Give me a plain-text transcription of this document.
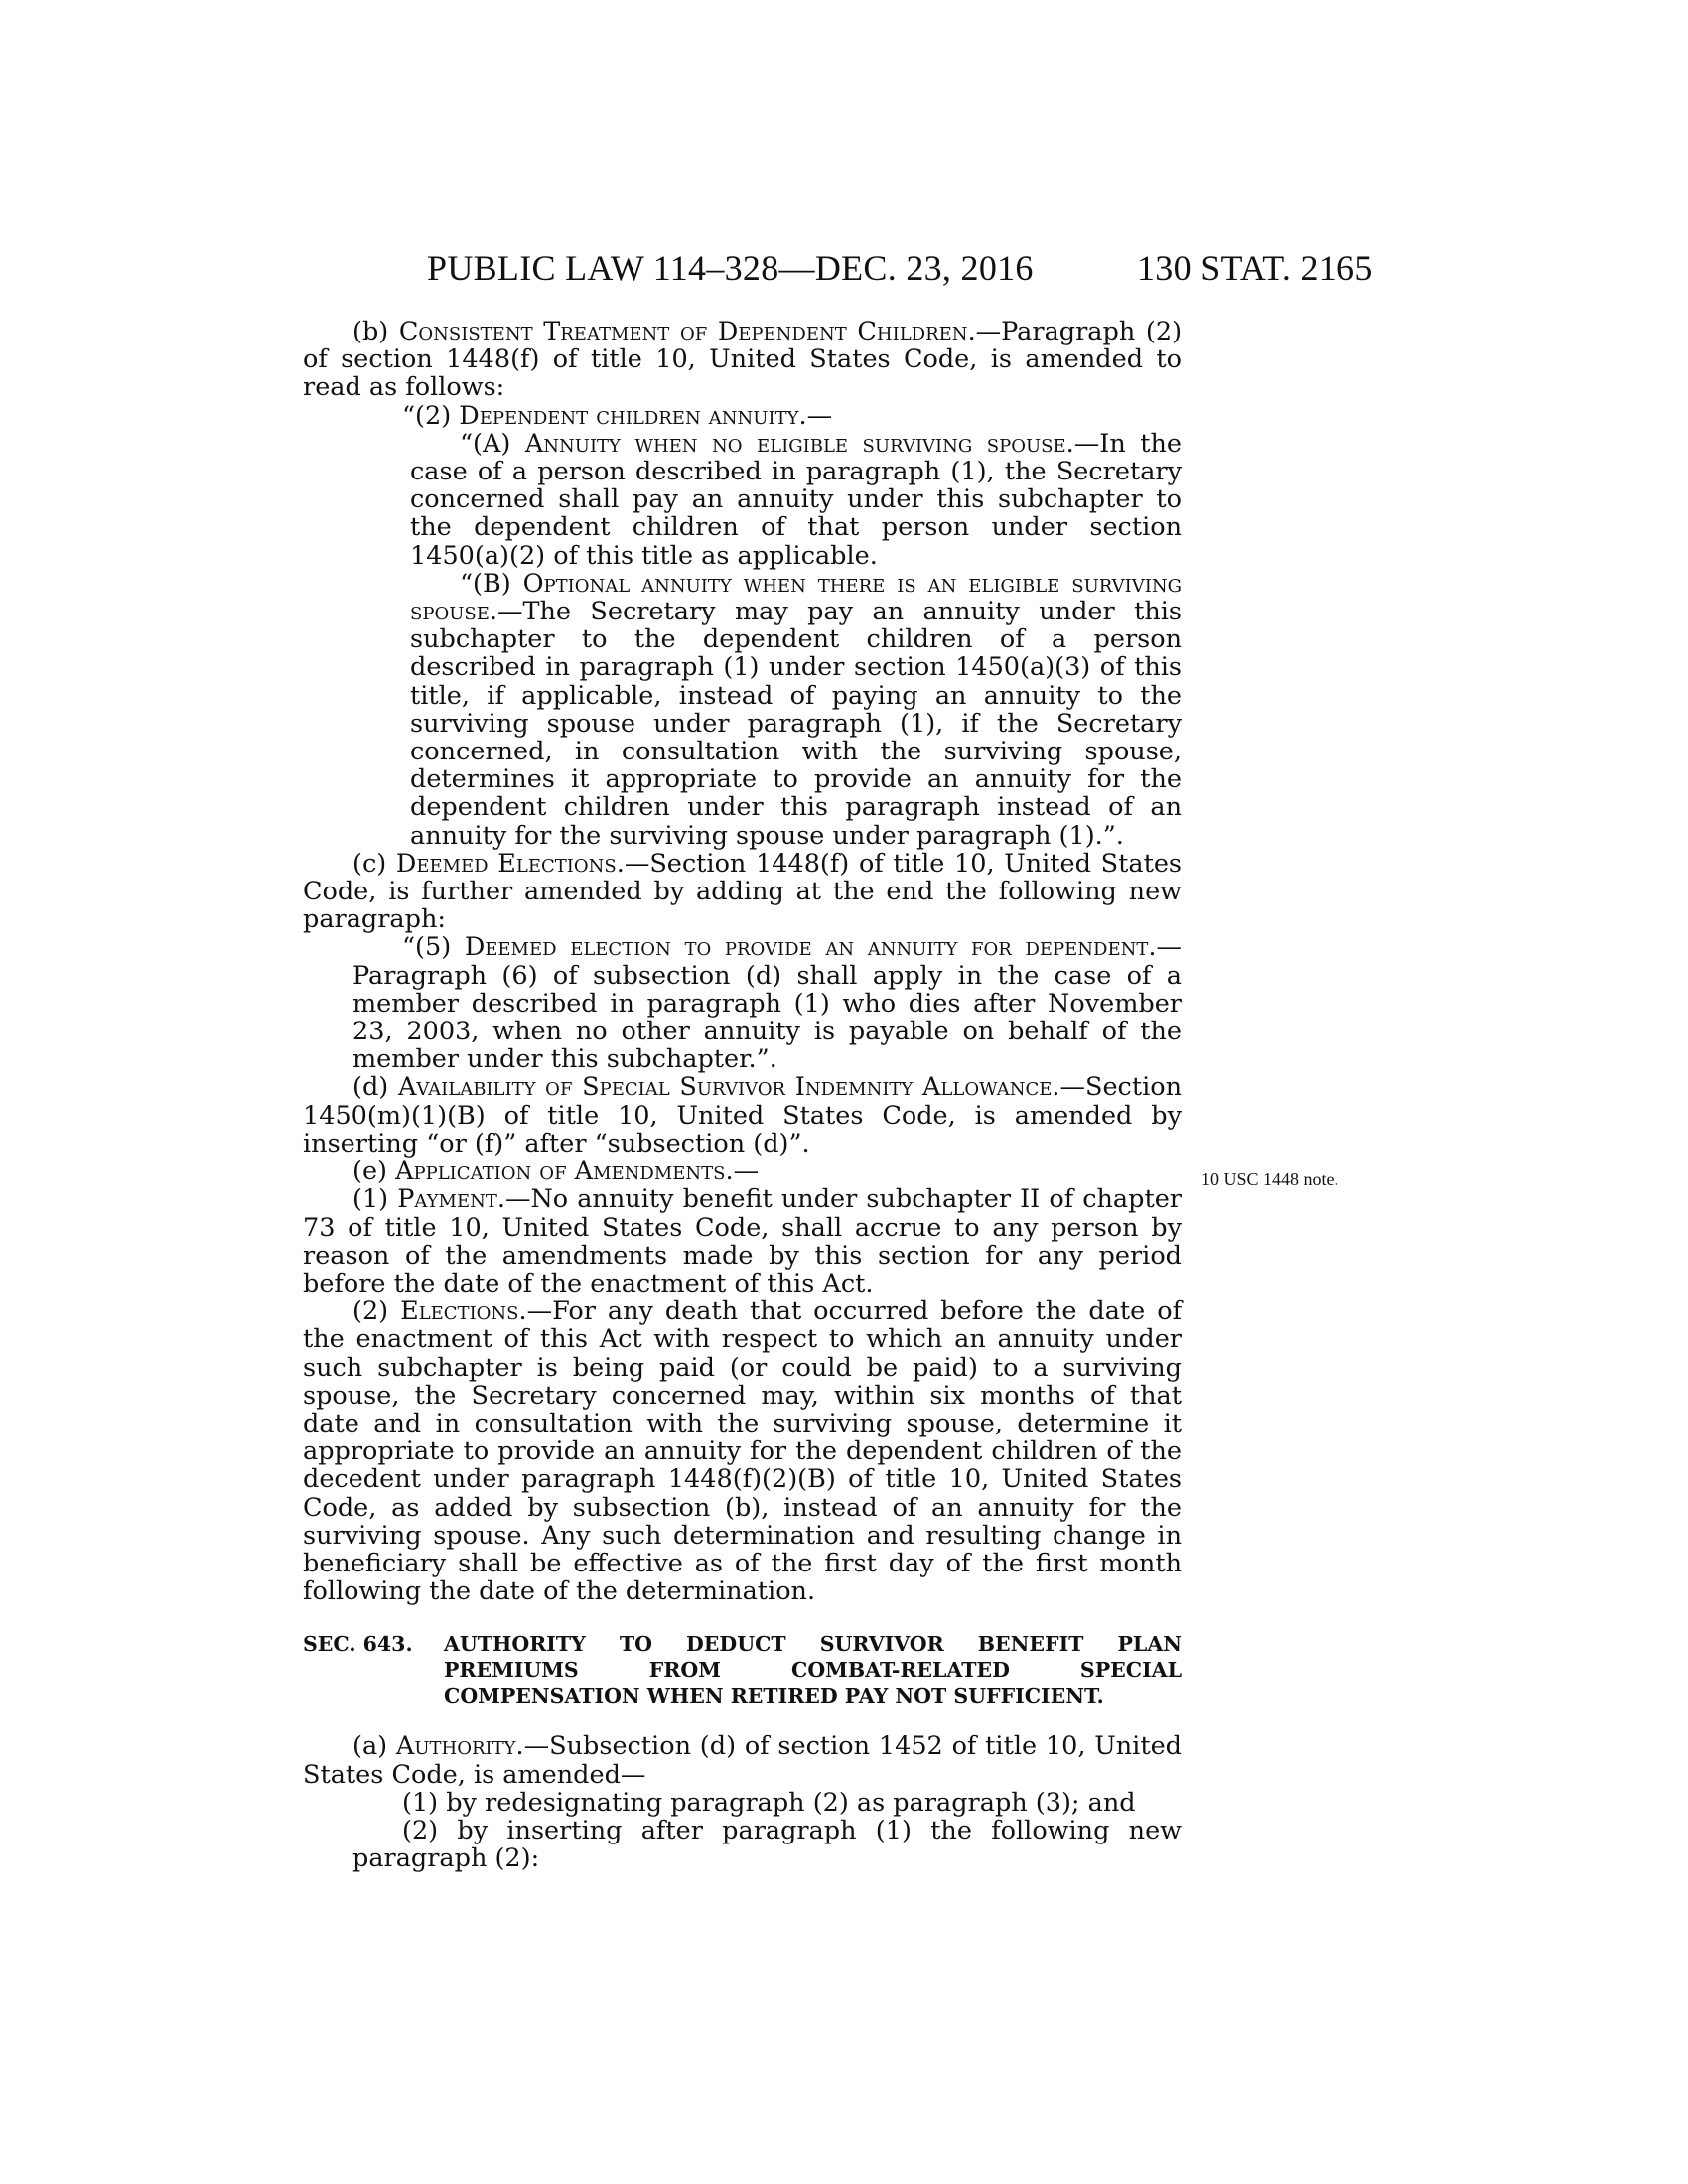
PUBLIC LAW 114–328—DEC. 23, 2016	130 STAT. 2165
10 USC 1448 note.

(b) Consistent Treatment of Dependent Children.—Paragraph (2) of section 1448(f) of title 10, United States Code, is amended to read as follows:

“(2) Dependent children annuity.—

“(A) Annuity when no eligible surviving spouse.—In the case of a person described in paragraph (1), the Secretary concerned shall pay an annuity under this subchapter to the dependent children of that person under section 1450(a)(2) of this title as applicable.

“(B) Optional annuity when there is an eligible surviving spouse.—The Secretary may pay an annuity under this subchapter to the dependent children of a person described in paragraph (1) under section 1450(a)(3) of this title, if applicable, instead of paying an annuity to the surviving spouse under paragraph (1), if the Secretary concerned, in consultation with the surviving spouse, determines it appropriate to provide an annuity for the dependent children under this paragraph instead of an annuity for the surviving spouse under paragraph (1).”.

(c) Deemed Elections.—Section 1448(f) of title 10, United States Code, is further amended by adding at the end the following new paragraph:

“(5) Deemed election to provide an annuity for dependent.—Paragraph (6) of subsection (d) shall apply in the case of a member described in paragraph (1) who dies after November 23, 2003, when no other annuity is payable on behalf of the member under this subchapter.”.

(d) Availability of Special Survivor Indemnity Allowance.—Section 1450(m)(1)(B) of title 10, United States Code, is amended by inserting “or (f)” after “subsection (d)”.

(e) Application of Amendments.—

(1) Payment.—No annuity benefit under subchapter II of chapter 73 of title 10, United States Code, shall accrue to any person by reason of the amendments made by this section for any period before the date of the enactment of this Act.

(2) Elections.—For any death that occurred before the date of the enactment of this Act with respect to which an annuity under such subchapter is being paid (or could be paid) to a surviving spouse, the Secretary concerned may, within six months of that date and in consultation with the surviving spouse, determine it appropriate to provide an annuity for the dependent children of the decedent under paragraph 1448(f)(2)(B) of title 10, United States Code, as added by subsection (b), instead of an annuity for the surviving spouse. Any such determination and resulting change in beneficiary shall be effective as of the first day of the first month following the date of the determination.

SEC. 643. AUTHORITY TO DEDUCT SURVIVOR BENEFIT PLAN PREMIUMS FROM COMBAT-RELATED SPECIAL COMPENSATION WHEN RETIRED PAY NOT SUFFICIENT.

(a) Authority.—Subsection (d) of section 1452 of title 10, United States Code, is amended—

(1) by redesignating paragraph (2) as paragraph (3); and

(2) by inserting after paragraph (1) the following new paragraph (2):
